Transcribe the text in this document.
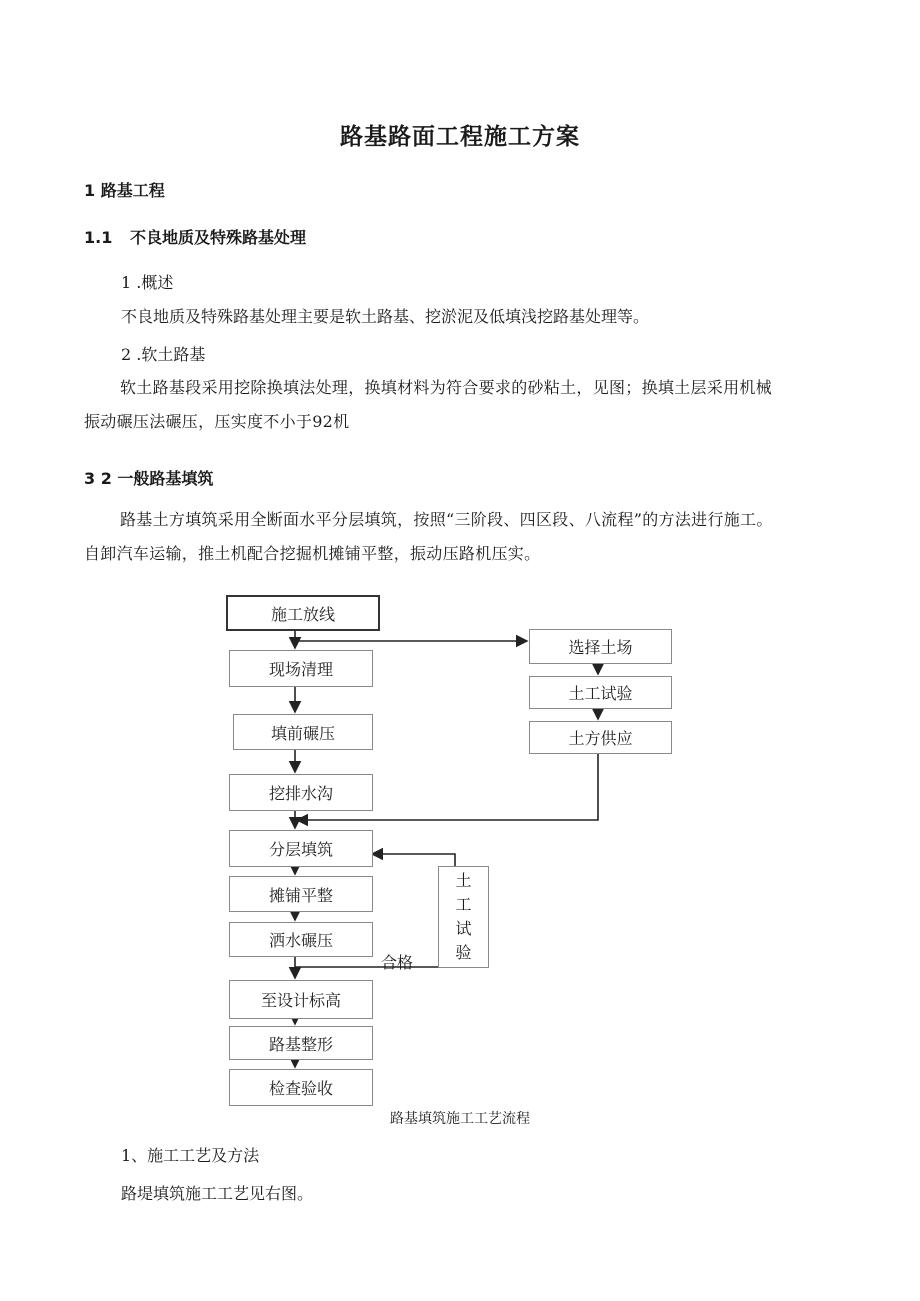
路基路面工程施工方案
1 路基工程
1.1 不良地质及特殊路基处理
1 .概述
不良地质及特殊路基处理主要是软土路基、挖淤泥及低填浅挖路基处理等。
2 .软土路基
软土路基段采用挖除换填法处理，换填材料为符合要求的砂粘土，见图；换填土层采用机械振动碾压法碾压，压实度不小于92机
3 2 一般路基填筑
路基土方填筑采用全断面水平分层填筑，按照“三阶段、四区段、八流程”的方法进行施工。自卸汽车运输，推土机配合挖掘机摊铺平整，振动压路机压实。
施工放线
现场清理
填前碾压
挖排水沟
分层填筑
摊铺平整
洒水碾压
至设计标高
路基整形
检查验收
选择土场
土工试验
土方供应
土
工
试
验
合格
路基填筑施工工艺流程
1、施工工艺及方法
路堤填筑施工工艺见右图。
